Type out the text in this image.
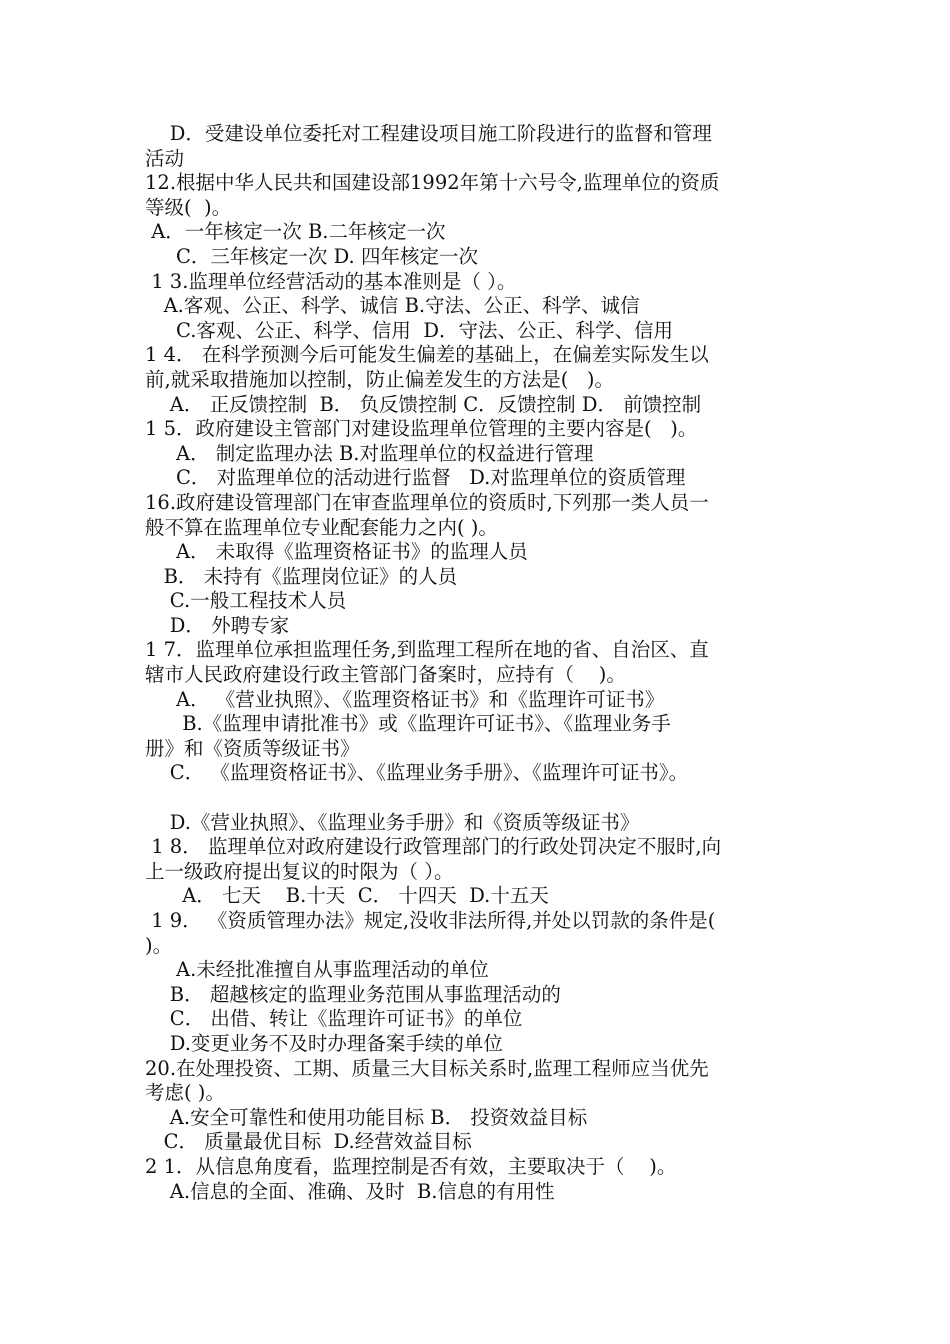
D．受建设单位委托对工程建设项目施工阶段进行的监督和管理
活动
12.根据中华人民共和国建设部1992年第十六号令,监理单位的资质
等级(  )。
A．一年核定一次 B.二年核定一次
C．三年核定一次 D. 四年核定一次
1 3.监理单位经营活动的基本准则是（ ）。
A.客观、公正、科学、诚信 B.守法、公正、科学、诚信
C.客观、公正、科学、信用  D．守法、公正、科学、信用
1 4． 在科学预测今后可能发生偏差的基础上，在偏差实际发生以
前,就采取措施加以控制，防止偏差发生的方法是(   )。
A． 正反馈控制  B． 负反馈控制 C．反馈控制 D． 前馈控制
1 5．政府建设主管部门对建设监理单位管理的主要内容是(   )。
A． 制定监理办法 B.对监理单位的权益进行管理
C． 对监理单位的活动进行监督   D.对监理单位的资质管理
16.政府建设管理部门在审查监理单位的资质时,下列那一类人员一
般不算在监理单位专业配套能力之内( )。
A． 未取得《监理资格证书》的监理人员
B． 未持有《监理岗位证》的人员
C.一般工程技术人员
D． 外聘专家
1 7．监理单位承担监理任务,到监理工程所在地的省、自治区、直
辖市人民政府建设行政主管部门备案时，应持有（    )。
A． 《营业执照》、《监理资格证书》和《监理许可证书》
B.《监理申请批准书》或《监理许可证书》、《监理业务手
册》和《资质等级证书》
C． 《监理资格证书》、《监理业务手册》、《监理许可证书》。
D.《营业执照》、《监理业务手册》和《资质等级证书》
1 8． 监理单位对政府建设行政管理部门的行政处罚决定不服时,向
上一级政府提出复议的时限为（ ）。
A． 七天    B.十天  C． 十四天  D.十五天
1 9． 《资质管理办法》规定,没收非法所得,并处以罚款的条件是(
)。
A.未经批准擅自从事监理活动的单位
B． 超越核定的监理业务范围从事监理活动的
C． 出借、转让《监理许可证书》的单位
D.变更业务不及时办理备案手续的单位
20.在处理投资、工期、质量三大目标关系时,监理工程师应当优先
考虑( )。
A.安全可靠性和使用功能目标 B． 投资效益目标
C． 质量最优目标  D.经营效益目标
2 1．从信息角度看，监理控制是否有效，主要取决于（    )。
A.信息的全面、准确、及时  B.信息的有用性
